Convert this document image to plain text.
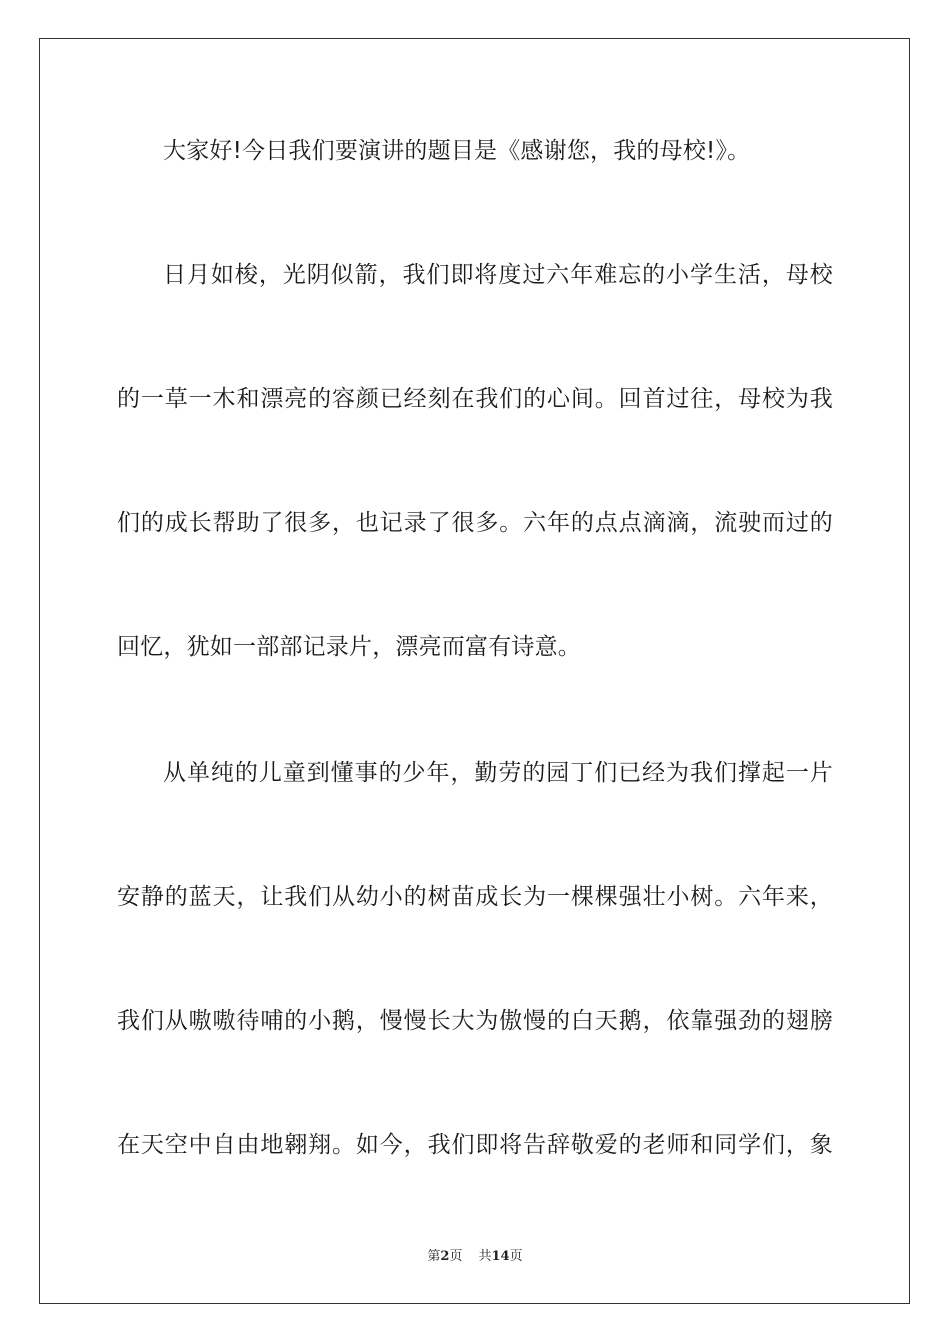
大家好!今日我们要演讲的题目是《感谢您，我的母校!》。
日月如梭，光阴似箭，我们即将度过六年难忘的小学生活，母校
的一草一木和漂亮的容颜已经刻在我们的心间。回首过往，母校为我
们的成长帮助了很多，也记录了很多。六年的点点滴滴，流驶而过的
回忆，犹如一部部记录片，漂亮而富有诗意。
从单纯的儿童到懂事的少年，勤劳的园丁们已经为我们撑起一片
安静的蓝天，让我们从幼小的树苗成长为一棵棵强壮小树。六年来，
我们从嗷嗷待哺的小鹅，慢慢长大为傲慢的白天鹅，依靠强劲的翅膀
在天空中自由地翱翔。如今，我们即将告辞敬爱的老师和同学们，象
第2页 共14页
